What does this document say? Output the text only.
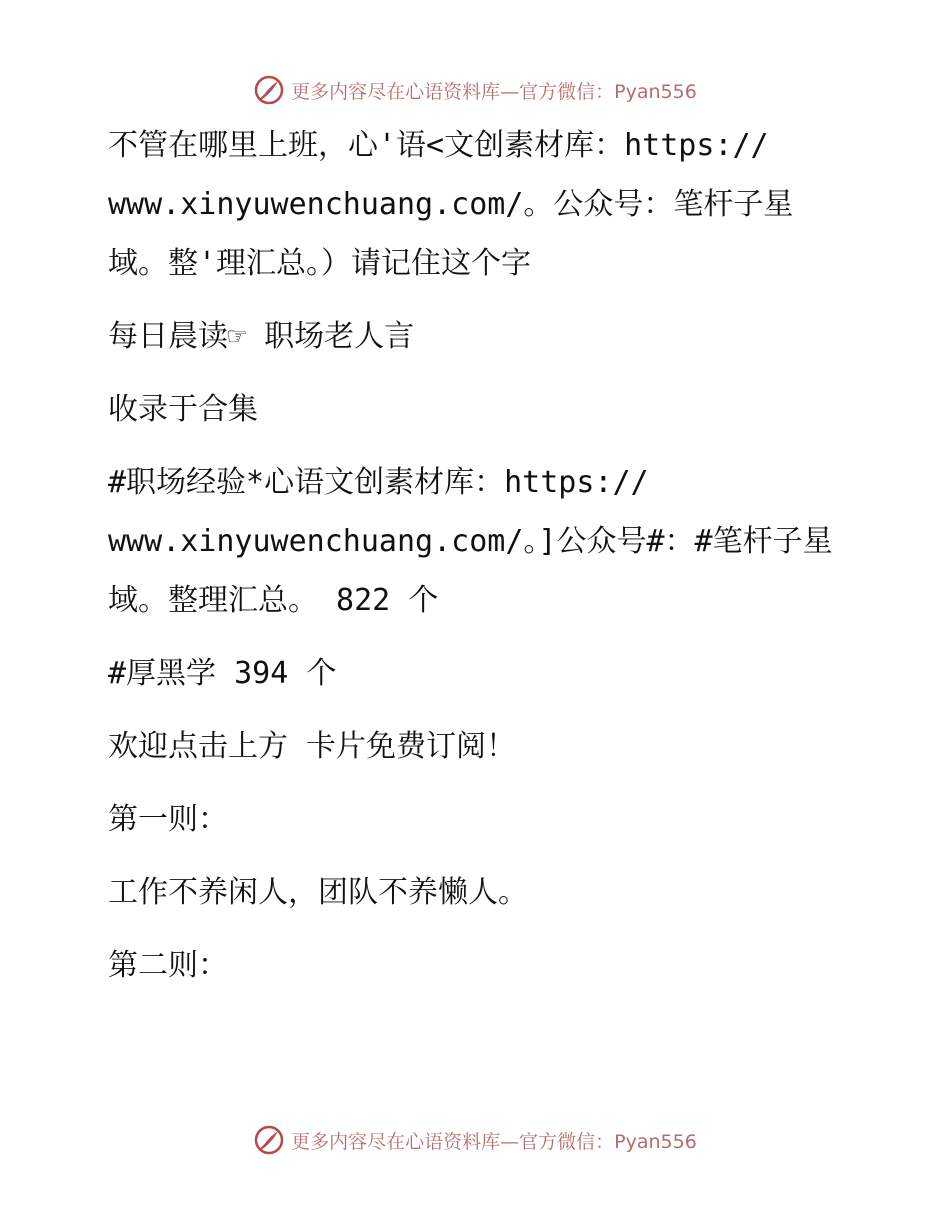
更多内容尽在心语资料库—官方微信：Pyan556

不管在哪里上班，心'语<文创素材库：https://
www.xinyuwenchuang.com/。公众号：笔杆子星
域。整'理汇总。）请记住这个字

每日晨读☞ 职场老人言

收录于合集

#职场经验*心语文创素材库：https://
www.xinyuwenchuang.com/。]公众号#：#笔杆子星
域。整理汇总。 822 个

#厚黑学 394 个

欢迎点击上方 卡片免费订阅！

第一则：

工作不养闲人，团队不养懒人。

第二则：

更多内容尽在心语资料库—官方微信：Pyan556
